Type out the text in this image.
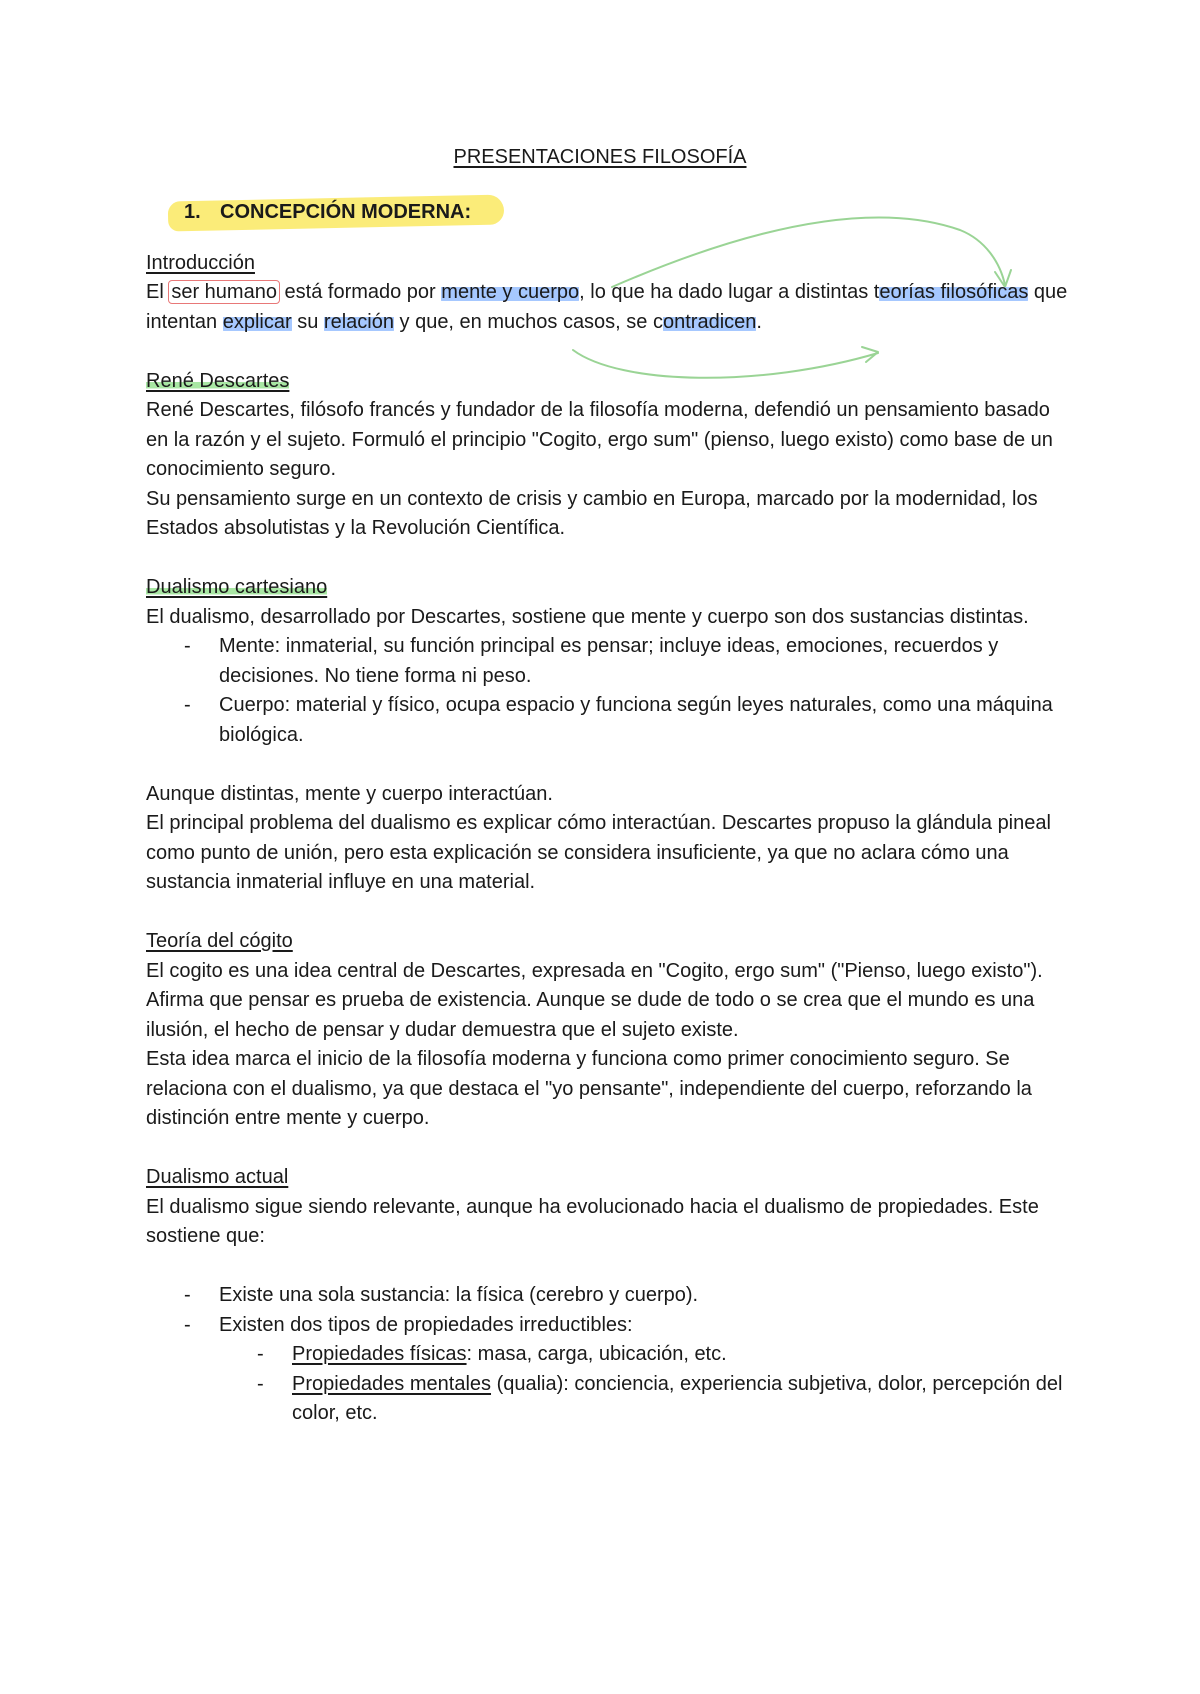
PRESENTACIONES FILOSOFÍA
1. CONCEPCIÓN MODERNA:
Introducción

El ser humano está formado por mente y cuerpo, lo que ha dado lugar a distintas teorías filosóficas que intentan explicar su relación y que, en muchos casos, se contradicen.

René Descartes

René Descartes, filósofo francés y fundador de la filosofía moderna, defendió un pensamiento basado en la razón y el sujeto. Formuló el principio "Cogito, ergo sum" (pienso, luego existo) como base de un conocimiento seguro.

Su pensamiento surge en un contexto de crisis y cambio en Europa, marcado por la modernidad, los Estados absolutistas y la Revolución Científica.

Dualismo cartesiano

El dualismo, desarrollado por Descartes, sostiene que mente y cuerpo son dos sustancias distintas.

- Mente: inmaterial, su función principal es pensar; incluye ideas, emociones, recuerdos y decisiones. No tiene forma ni peso.
- Cuerpo: material y físico, ocupa espacio y funciona según leyes naturales, como una máquina biológica.

Aunque distintas, mente y cuerpo interactúan.

El principal problema del dualismo es explicar cómo interactúan. Descartes propuso la glándula pineal como punto de unión, pero esta explicación se considera insuficiente, ya que no aclara cómo una sustancia inmaterial influye en una material.

Teoría del cógito

El cogito es una idea central de Descartes, expresada en "Cogito, ergo sum" ("Pienso, luego existo"). Afirma que pensar es prueba de existencia. Aunque se dude de todo o se crea que el mundo es una ilusión, el hecho de pensar y dudar demuestra que el sujeto existe.

Esta idea marca el inicio de la filosofía moderna y funciona como primer conocimiento seguro. Se relaciona con el dualismo, ya que destaca el "yo pensante", independiente del cuerpo, reforzando la distinción entre mente y cuerpo.

Dualismo actual

El dualismo sigue siendo relevante, aunque ha evolucionado hacia el dualismo de propiedades. Este sostiene que:

- Existe una sola sustancia: la física (cerebro y cuerpo).
- Existen dos tipos de propiedades irreductibles:
- Propiedades físicas: masa, carga, ubicación, etc.
- Propiedades mentales (qualia): conciencia, experiencia subjetiva, dolor, percepción del color, etc.
